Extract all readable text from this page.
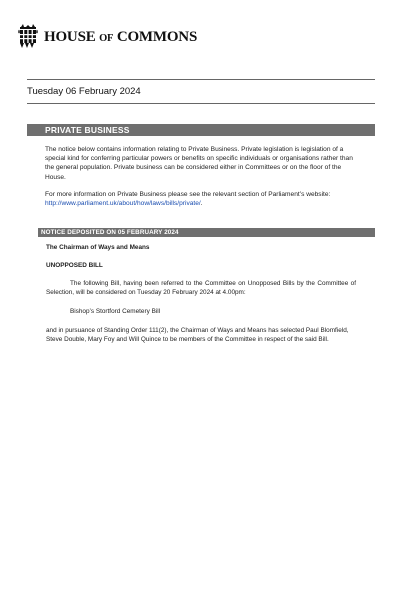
HOUSE OF COMMONS
Tuesday 06 February 2024
PRIVATE BUSINESS

The notice below contains information relating to Private Business. Private legislation is legislation of a special kind for conferring particular powers or benefits on specific individuals or organisations rather than the general population. Private business can be considered either in Committees or on the floor of the House.

For more information on Private Business please see the relevant section of Parliament’s website: http://www.parliament.uk/about/how/laws/bills/private/.

NOTICE DEPOSITED ON 05 FEBRUARY 2024

The Chairman of Ways and Means

UNOPPOSED BILL

The following Bill, having been referred to the Committee on Unopposed Bills by the Committee of Selection, will be considered on Tuesday 20 February 2024 at 4.00pm:

Bishop’s Stortford Cemetery Bill

and in pursuance of Standing Order 111(2), the Chairman of Ways and Means has selected Paul Blomfield, Steve Double, Mary Foy and Will Quince to be members of the Committee in respect of the said Bill.
